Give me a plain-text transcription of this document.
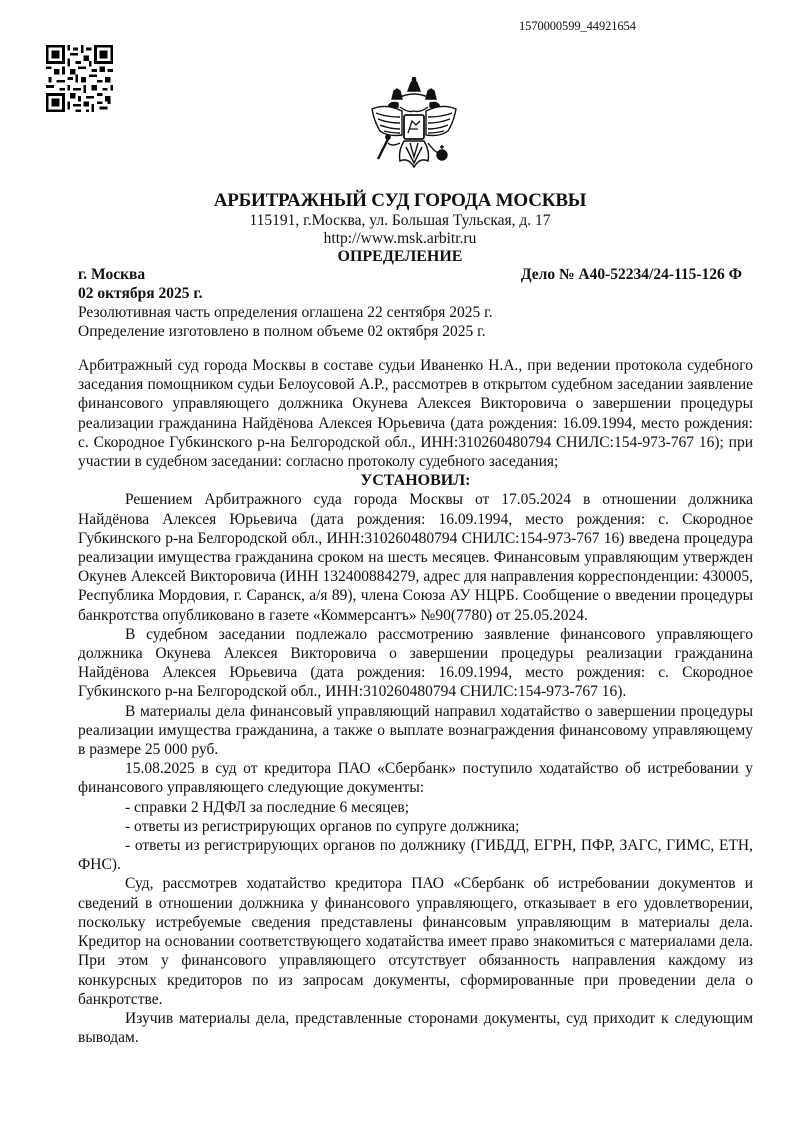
1570000599_44921654
АРБИТРАЖНЫЙ СУД ГОРОДА МОСКВЫ
115191, г.Москва, ул. Большая Тульская, д. 17
http://www.msk.arbitr.ru
ОПРЕДЕЛЕНИЕ
г. Москва	Дело № А40-52234/24-115-126 Ф
02 октября 2025 г.
Резолютивная часть определения оглашена 22 сентября 2025 г.
Определение изготовлено в полном объеме 02 октября 2025 г.

Арбитражный суд города Москвы в составе судьи Иваненко Н.А., при ведении протокола судебного заседания помощником судьи Белоусовой А.Р., рассмотрев в открытом судебном заседании заявление финансового управляющего должника Окунева Алексея Викторовича о завершении процедуры реализации гражданина Найдёнова Алексея Юрьевича (дата рождения: 16.09.1994, место рождения: с. Скородное Губкинского р-на Белгородской обл., ИНН:310260480794 СНИЛС:154-973-767 16); при участии в судебном заседании: согласно протоколу судебного заседания;

УСТАНОВИЛ:

Решением Арбитражного суда города Москвы от 17.05.2024 в отношении должника Найдёнова Алексея Юрьевича (дата рождения: 16.09.1994, место рождения: с. Скородное Губкинского р-на Белгородской обл., ИНН:310260480794 СНИЛС:154-973-767 16) введена процедура реализации имущества гражданина сроком на шесть месяцев. Финансовым управляющим утвержден Окунев Алексей Викторовича (ИНН 132400884279, адрес для направления корреспонденции: 430005, Республика Мордовия, г. Саранск, а/я 89), члена Союза АУ НЦРБ. Сообщение о введении процедуры банкротства опубликовано в газете «Коммерсантъ» №90(7780) от 25.05.2024.

В судебном заседании подлежало рассмотрению заявление финансового управляющего должника Окунева Алексея Викторовича о завершении процедуры реализации гражданина Найдёнова Алексея Юрьевича (дата рождения: 16.09.1994, место рождения: с. Скородное Губкинского р-на Белгородской обл., ИНН:310260480794 СНИЛС:154-973-767 16).

В материалы дела финансовый управляющий направил ходатайство о завершении процедуры реализации имущества гражданина, а также о выплате вознаграждения финансовому управляющему в размере 25 000 руб.

15.08.2025 в суд от кредитора ПАО «Сбербанк» поступило ходатайство об истребовании у финансового управляющего следующие документы:

- справки 2 НДФЛ за последние 6 месяцев;

- ответы из регистрирующих органов по супруге должника;

- ответы из регистрирующих органов по должнику (ГИБДД, ЕГРН, ПФР, ЗАГС, ГИМС, ЕТН, ФНС).

Суд, рассмотрев ходатайство кредитора ПАО «Сбербанк об истребовании документов и сведений в отношении должника у финансового управляющего, отказывает в его удовлетворении, поскольку истребуемые сведения представлены финансовым управляющим в материалы дела. Кредитор на основании соответствующего ходатайства имеет право знакомиться с материалами дела. При этом у финансового управляющего отсутствует обязанность направления каждому из конкурсных кредиторов по из запросам документы, сформированные при проведении дела о банкротстве.

Изучив материалы дела, представленные сторонами документы, суд приходит к следующим выводам.
